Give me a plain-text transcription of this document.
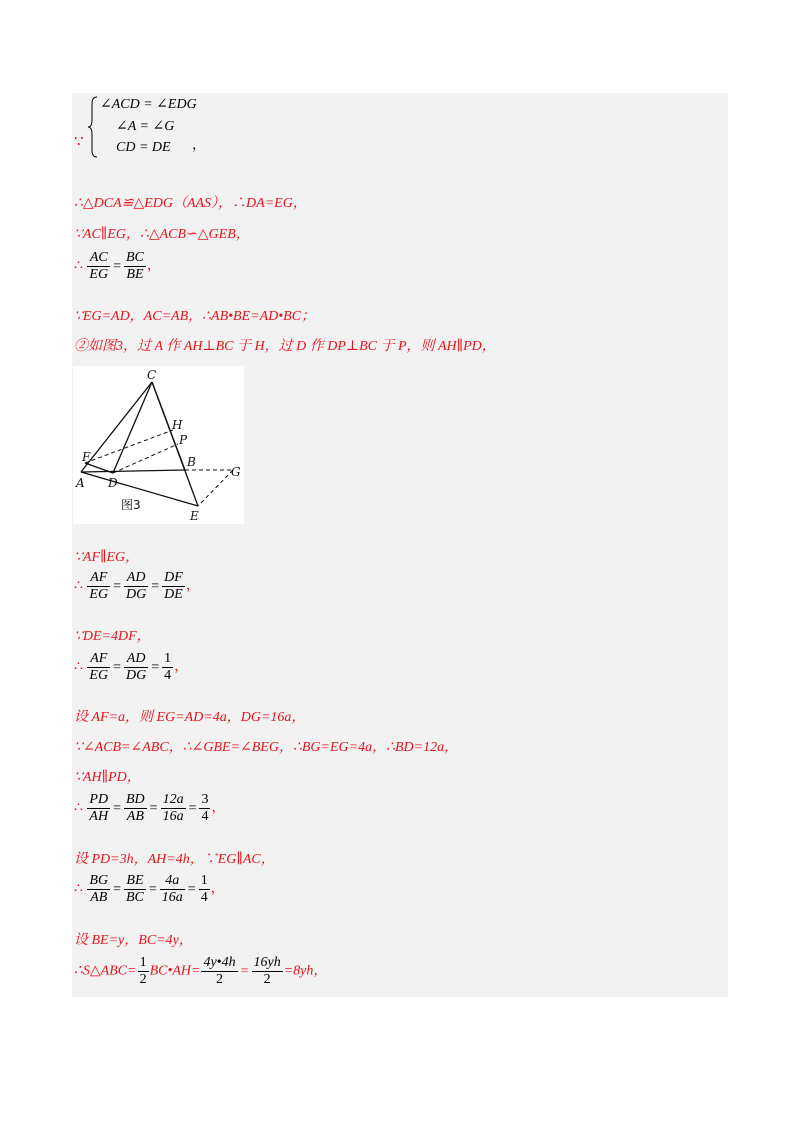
∵
∠ACD = ∠EDG
∠A = ∠G
CD = DE ，
∴△DCA≌△EDG（AAS），∴DA=EG，
∵AC∥EG，∴△ACB∽△GEB，
∴ $\frac{AC}{EG} = \frac{BC}{BE}$ ，
∵EG=AD，AC=AB，∴AB•BE=AD•BC；
②如图3，过 A 作 AH⊥BC 于 H，过 D 作 DP⊥BC 于 P，则 AH∥PD，
C
H
P
F	B
G
A D
E
图3
∵AF∥EG，
∴ $\frac{AF}{EG} = \frac{AD}{DG} = \frac{DF}{DE}$ ，
∵DE=4DF，
∴ $\frac{AF}{EG} = \frac{AD}{DG} = \frac{1}{4}$ ，
设 AF=a，则 EG=AD=4a，DG=16a，
∵∠ACB=∠ABC，∴∠GBE=∠BEG，∴BG=EG=4a，∴BD=12a，
∵AH∥PD，
∴ $\frac{PD}{AH} = \frac{BD}{AB} = \frac{12a}{16a} = \frac{3}{4}$ ，
设 PD=3h，AH=4h，∵EG∥AC，
∴ $\frac{BG}{AB} = \frac{BE}{BC} = \frac{4a}{16a} = \frac{1}{4}$ ，
设 BE=y，BC=4y，
∴S△ABC= $\frac{1}{2}$ BC•AH= $\frac{4y•4h}{2} = \frac{16yh}{2} =8yh$，
